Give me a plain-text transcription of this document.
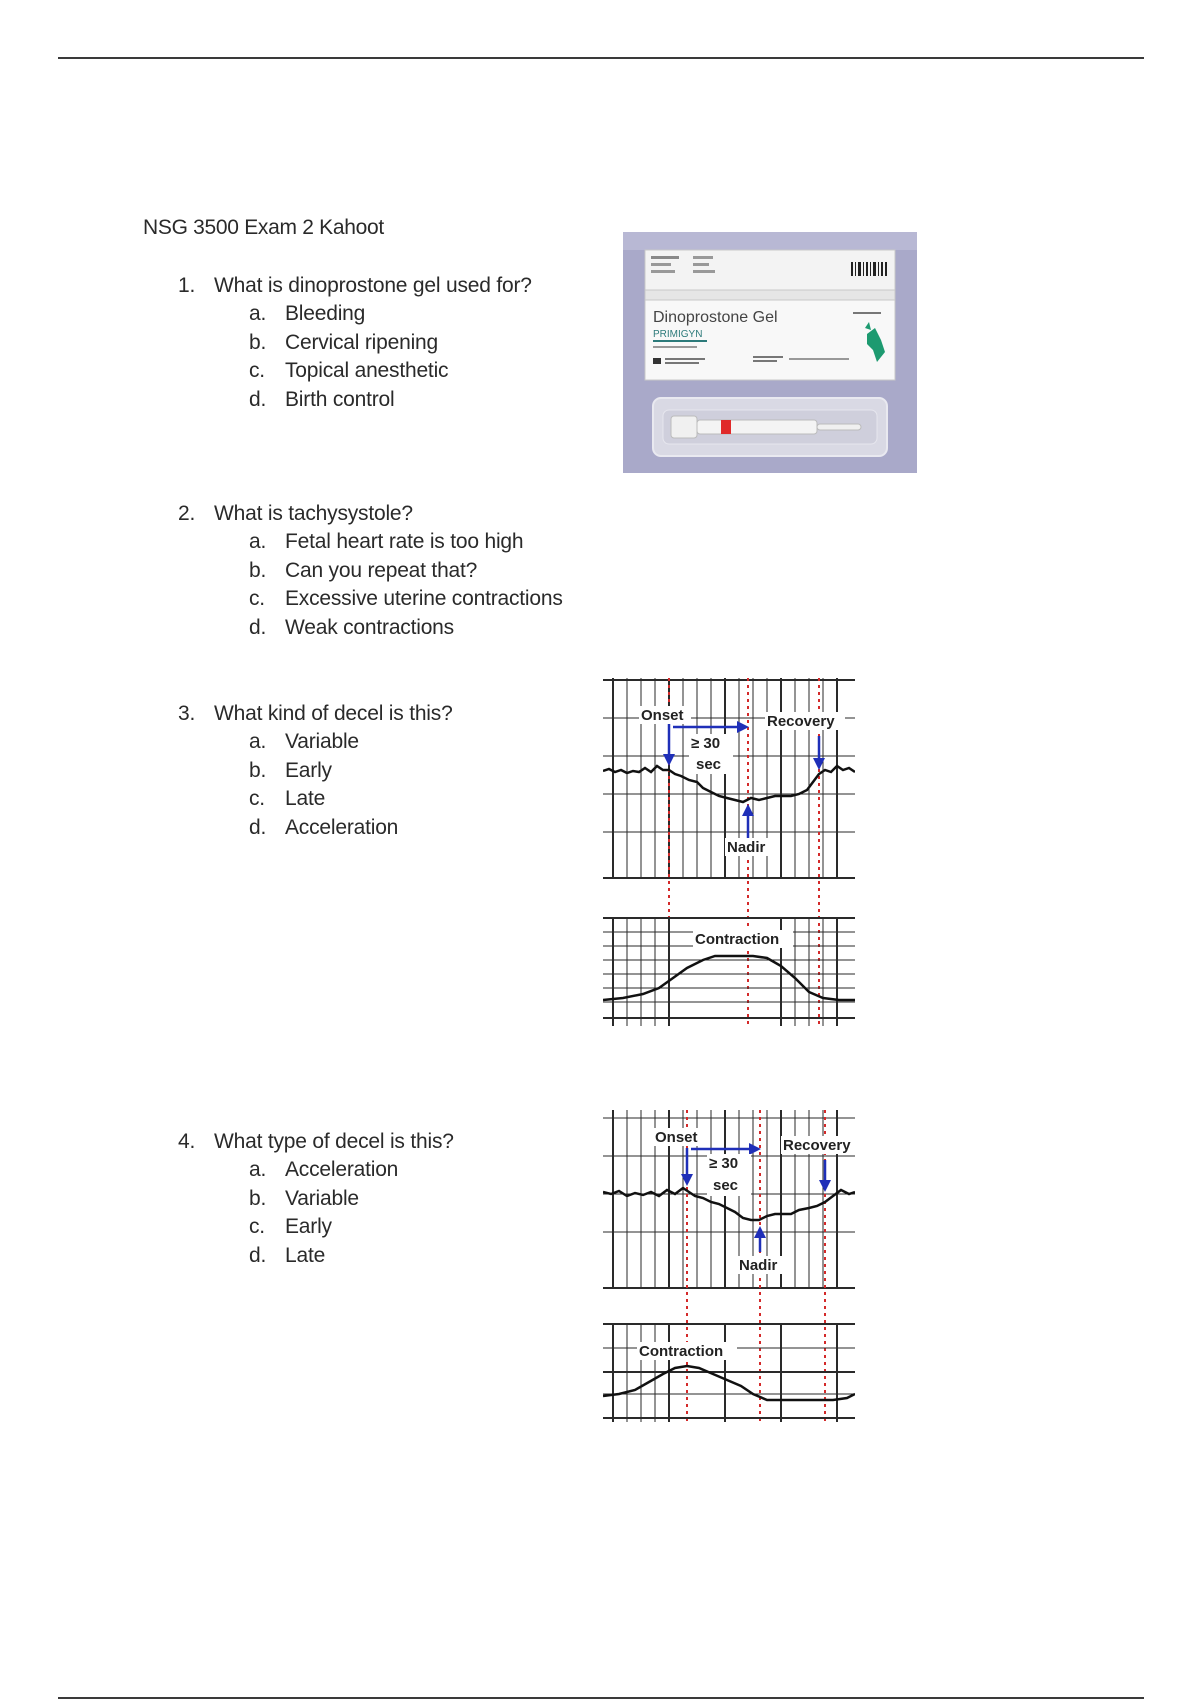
NSG 3500 Exam 2 Kahoot
1. What is dinoprostone gel used for?
a. Bleeding
b. Cervical ripening
c. Topical anesthetic
d. Birth control
Dinoprostone Gel
PRIMIGYN
2. What is tachysystole?
a. Fetal heart rate is too high
b. Can you repeat that?
c. Excessive uterine contractions
d. Weak contractions
3. What kind of decel is this?
a. Variable
b. Early
c. Late
d. Acceleration
Onset	Recovery
≥ 30
sec
Nadir
Contraction
4. What type of decel is this?
a. Acceleration
b. Variable
c. Early
d. Late
Onset	Recovery
≥ 30
sec
Nadir
Contraction
